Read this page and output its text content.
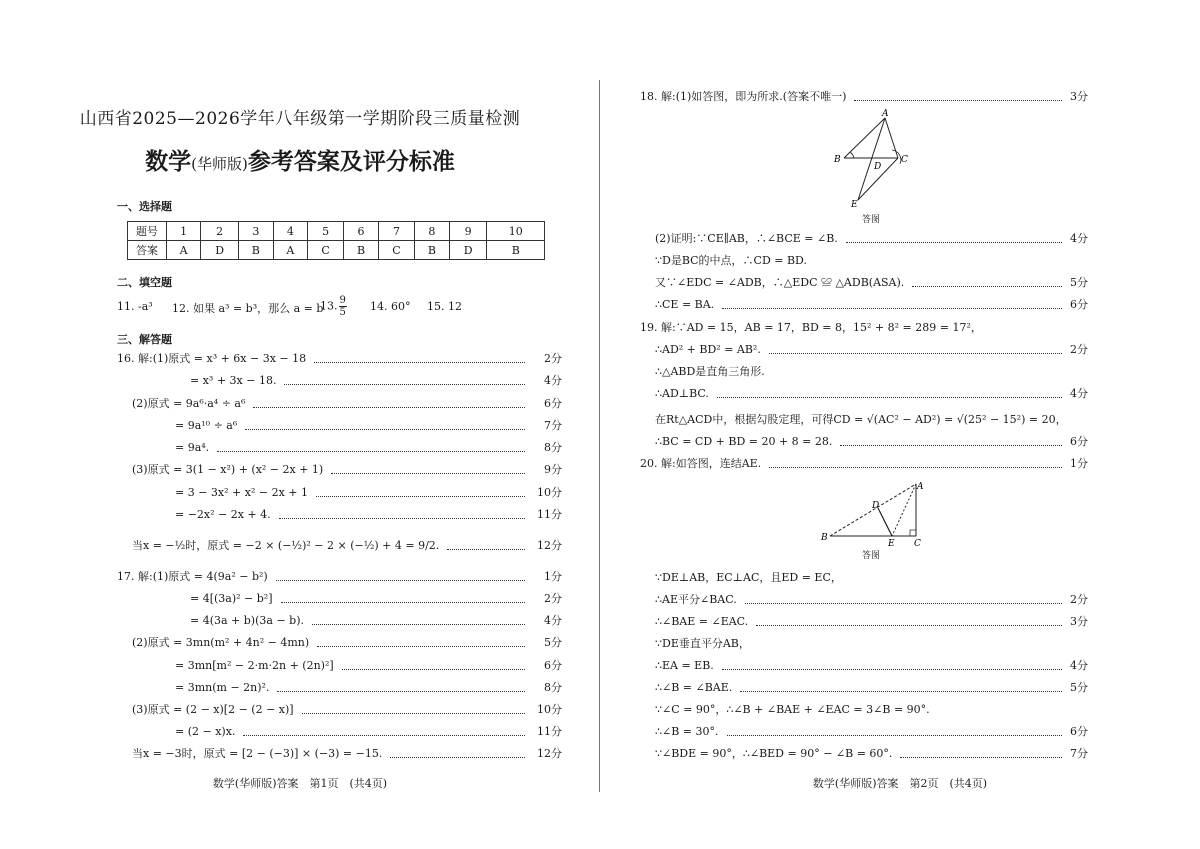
山西省2025—2026学年八年级第一学期阶段三质量检测
数学(华师版)参考答案及评分标准
一、选择题
题号	1	2	3	4	5	6	7	8	9	10
答案	A	D	B	A	C	B	C	B	D	B
二、填空题
11. -a³ 12. 如果 a³ = b³，那么 a = b
13. $\frac{9}{5} 14$. 60° 15. 12
三、解答题
16. 解:(1)原式 = x³ + 6x − 3x − 18	2分
= x³ + 3x − 18.	4分
(2)原式 = 9a⁶·a⁴ ÷ a⁶	6分
= 9a¹⁰ ÷ a⁶	7分
= 9a⁴.	8分
(3)原式 = 3(1 − x²) + (x² − 2x + 1)	9分
= 3 − 3x² + x² − 2x + 1	10分
= −2x² − 2x + 4.	11分
当x = −½时，原式 = −2 × (−½)² − 2 × (−½) + 4 = 9/2.	12分
17. 解:(1)原式 = 4(9a² − b²)	1分
= 4[(3a)² − b²]	2分
= 4(3a + b)(3a − b).	4分
(2)原式 = 3mn(m² + 4n² − 4mn)	5分
= 3mn[m² − 2·m·2n + (2n)²]	6分
= 3mn(m − 2n)².	8分
(3)原式 = (2 − x)[2 − (2 − x)]	10分
= (2 − x)x.	11分
当x = −3时，原式 = [2 − (−3)] × (−3) = −15.	12分
数学(华师版)答案　第1页　(共4页)
18. 解:(1)如答图，即为所求.(答案不唯一)	3分
(2)证明:∵CE∥AB，∴∠BCE = ∠B.	4分
∵D是BC的中点，∴CD = BD.
又∵∠EDC = ∠ADB，∴△EDC ≌ △ADB(ASA).	5分
∴CE = BA.	6分
19. 解:∵AD = 15，AB = 17，BD = 8，15² + 8² = 289 = 17²，
∴AD² + BD² = AB².	2分
∴△ABD是直角三角形.
∴AD⊥BC.	4分
在Rt△ACD中，根据勾股定理，可得CD = √(AC² − AD²) = √(25² − 15²) = 20，
∴BC = CD + BD = 20 + 8 = 28.	6分
20. 解:如答图，连结AE.	1分
∵DE⊥AB，EC⊥AC，且ED = EC，
∴AE平分∠BAC.	2分
∴∠BAE = ∠EAC.	3分
∵DE垂直平分AB，
∴EA = EB.	4分
∴∠B = ∠BAE.	5分
∵∠C = 90°，∴∠B + ∠BAE + ∠EAC = 3∠B = 90°.
∴∠B = 30°.	6分
∵∠BDE = 90°，∴∠BED = 90° − ∠B = 60°.	7分
A
B	C
D
E
答图
D
A
B
C
E
答图
数学(华师版)答案　第2页　(共4页)
